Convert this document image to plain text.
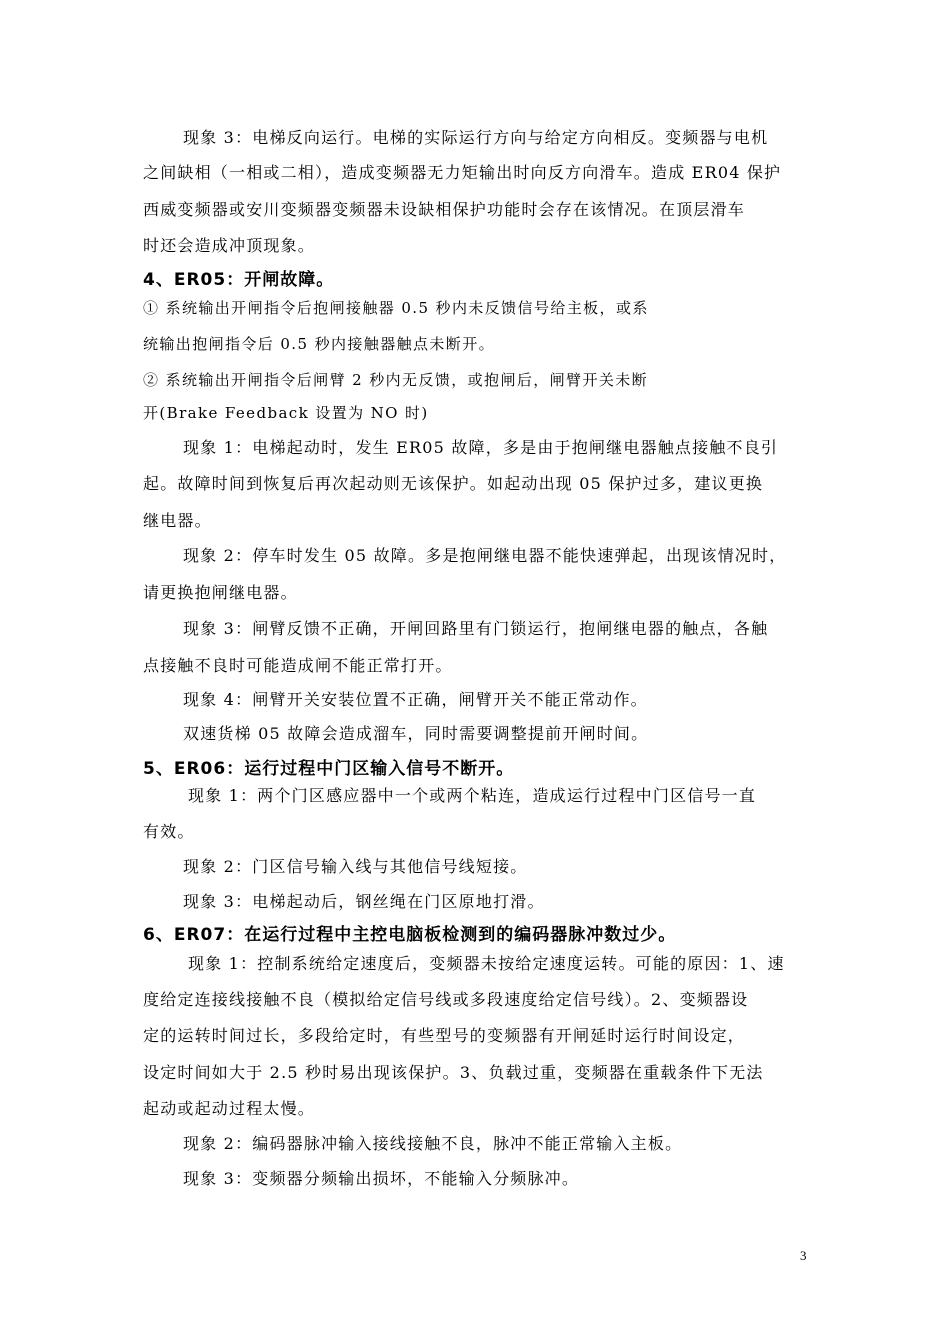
现象 3：电梯反向运行。电梯的实际运行方向与给定方向相反。变频器与电机
之间缺相（一相或二相），造成变频器无力矩输出时向反方向滑车。造成 ER04 保护
西威变频器或安川变频器变频器未设缺相保护功能时会存在该情况。在顶层滑车
时还会造成冲顶现象。
4、ER05：开闸故障。
① 系统输出开闸指令后抱闸接触器 0.5 秒内未反馈信号给主板，或系
统输出抱闸指令后 0.5 秒内接触器触点未断开。
② 系统输出开闸指令后闸臂 2 秒内无反馈，或抱闸后，闸臂开关未断
开(Brake Feedback 设置为 NO 时)
现象 1：电梯起动时，发生 ER05 故障，多是由于抱闸继电器触点接触不良引
起。故障时间到恢复后再次起动则无该保护。如起动出现 05 保护过多，建议更换
继电器。
现象 2：停车时发生 05 故障。多是抱闸继电器不能快速弹起，出现该情况时，
请更换抱闸继电器。
现象 3：闸臂反馈不正确，开闸回路里有门锁运行，抱闸继电器的触点，各触
点接触不良时可能造成闸不能正常打开。
现象 4：闸臂开关安装位置不正确，闸臂开关不能正常动作。
双速货梯 05 故障会造成溜车，同时需要调整提前开闸时间。
5、ER06：运行过程中门区输入信号不断开。
现象 1：两个门区感应器中一个或两个粘连，造成运行过程中门区信号一直
有效。
现象 2：门区信号输入线与其他信号线短接。
现象 3：电梯起动后，钢丝绳在门区原地打滑。
6、ER07：在运行过程中主控电脑板检测到的编码器脉冲数过少。
现象 1：控制系统给定速度后，变频器未按给定速度运转。可能的原因：1、速
度给定连接线接触不良（模拟给定信号线或多段速度给定信号线）。2、变频器设
定的运转时间过长，多段给定时，有些型号的变频器有开闸延时运行时间设定，
设定时间如大于 2.5 秒时易出现该保护。3、负载过重，变频器在重载条件下无法
起动或起动过程太慢。
现象 2：编码器脉冲输入接线接触不良，脉冲不能正常输入主板。
现象 3：变频器分频输出损坏，不能输入分频脉冲。
3
